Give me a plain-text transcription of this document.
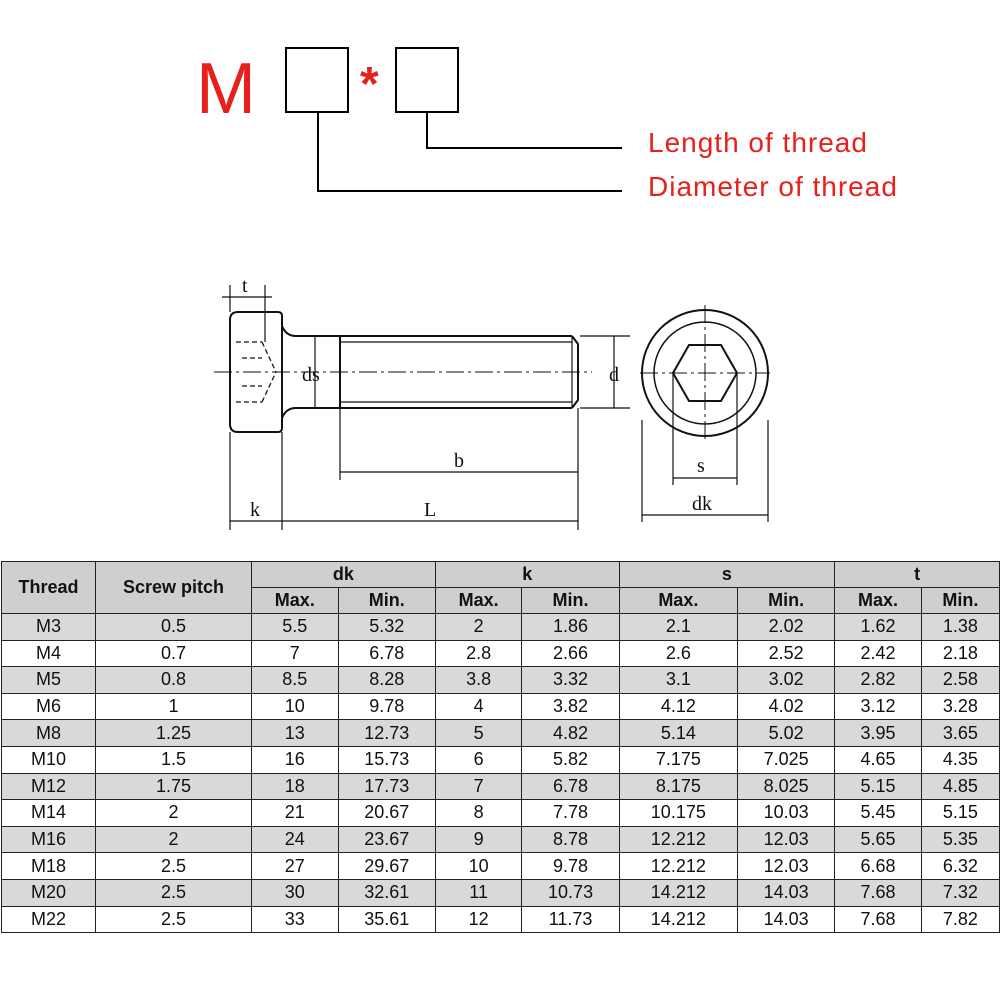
M *
Length of thread
Diameter of thread
t
ds	d
b
k	L
s
dk
Thread	Screw pitch	dk		k		s		t	
		Max.	Min.	Max.	Min.	Max.	Min.	Max.	Min.
M3	0.5	5.5	5.32	2	1.86	2.1	2.02	1.62	1.38
M4	0.7	7	6.78	2.8	2.66	2.6	2.52	2.42	2.18
M5	0.8	8.5	8.28	3.8	3.32	3.1	3.02	2.82	2.58
M6	1	10	9.78	4	3.82	4.12	4.02	3.12	3.28
M8	1.25	13	12.73	5	4.82	5.14	5.02	3.95	3.65
M10	1.5	16	15.73	6	5.82	7.175	7.025	4.65	4.35
M12	1.75	18	17.73	7	6.78	8.175	8.025	5.15	4.85
M14	2	21	20.67	8	7.78	10.175	10.03	5.45	5.15
M16	2	24	23.67	9	8.78	12.212	12.03	5.65	5.35
M18	2.5	27	29.67	10	9.78	12.212	12.03	6.68	6.32
M20	2.5	30	32.61	11	10.73	14.212	14.03	7.68	7.32
M22	2.5	33	35.61	12	11.73	14.212	14.03	7.68	7.82
